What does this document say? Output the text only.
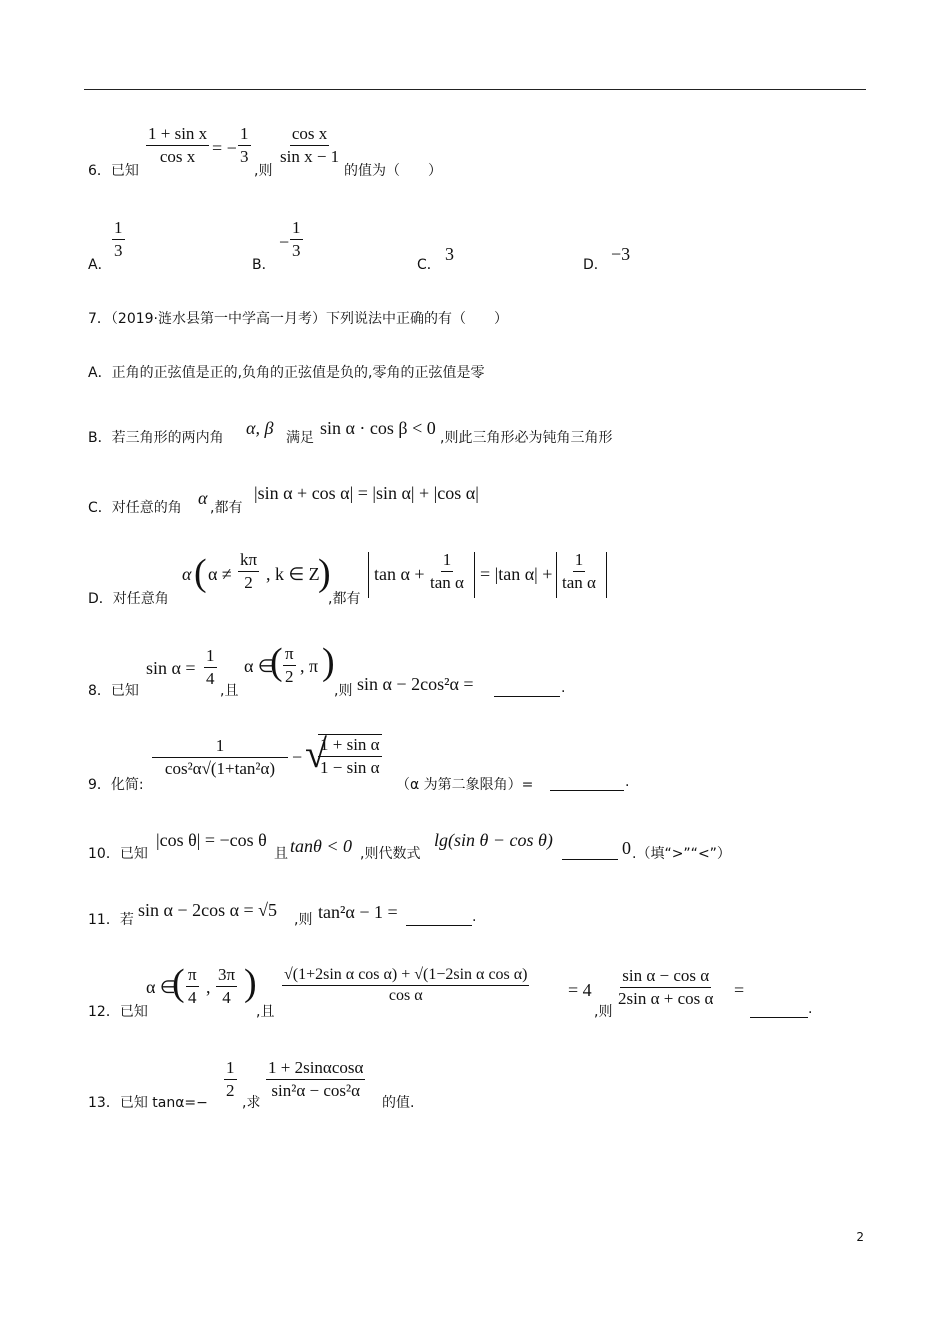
6．已知
$\frac{\text{1 + sin x}}{\text{cos x}}$ = − $\frac{1}{3}$
,则
$\frac{\text{cos x}}{\text{sin x − 1}}$
的值为（　　）
A．
$\frac{1}{3}$
B．
− $\frac{1}{3}$
C．
3
D．
−3
7．（2019·涟水县第一中学高一月考）下列说法中正确的有（　　）
A．正角的正弦值是正的,负角的正弦值是负的,零角的正弦值是零
B．若三角形的两内角 α, β 满足 sin α · cos β < 0 ,则此三角形必为钝角三角形
C．对任意的角 α ,都有
|sin α + cos α| = |sin α| + |cos α|
D．对任意角
α ( $\alpha \ne \frac{k\pi}{2}$ , k ∈ Z
)
,都有
$\tan \alpha + \frac{1}{\text{tan α}} = |\tan$ $\alpha| + \frac{1}{\text{tan α}}$
8．已知
$\sin \alpha = \frac{1}{4}$
,且
α ∈
( $\frac{\pi}{2}$ , π )
,则 sin α − 2cos²α =	.
9．化简:
$\frac{1}{\text{cos²α√(1+tan²α)}}$ − √
$\frac{\text{1 + sin α}}{\text{1 − sin α}}$
（α 为第二象限角）=	.
10．已知
|cos θ| = −cos θ
且 tanθ < 0 ,则代数式
lg(sin θ − cos θ)	0 .（填“>”“<”）
11．若 sin α − 2cos α = √5 ,则 tan²α − 1 =	.
12．已知
α ∈
( $\frac{\pi}{4}$ , $\frac{3\pi}{4}$ )
,且
$\frac{\text{√(1+2sin α cos α) + √(1−2sin α cos α)}}{\text{cos α}} = 4$
,则
$\frac{\text{sin α − cos α}}{\text{2sin α + cos α}}$ =
.
13．已知 tanα=−
$\frac{1}{2}$
,求
$\frac{1 + 2\sin\alpha\cos\alpha}{\text{sin²α − cos²α}}$
的值.
2
